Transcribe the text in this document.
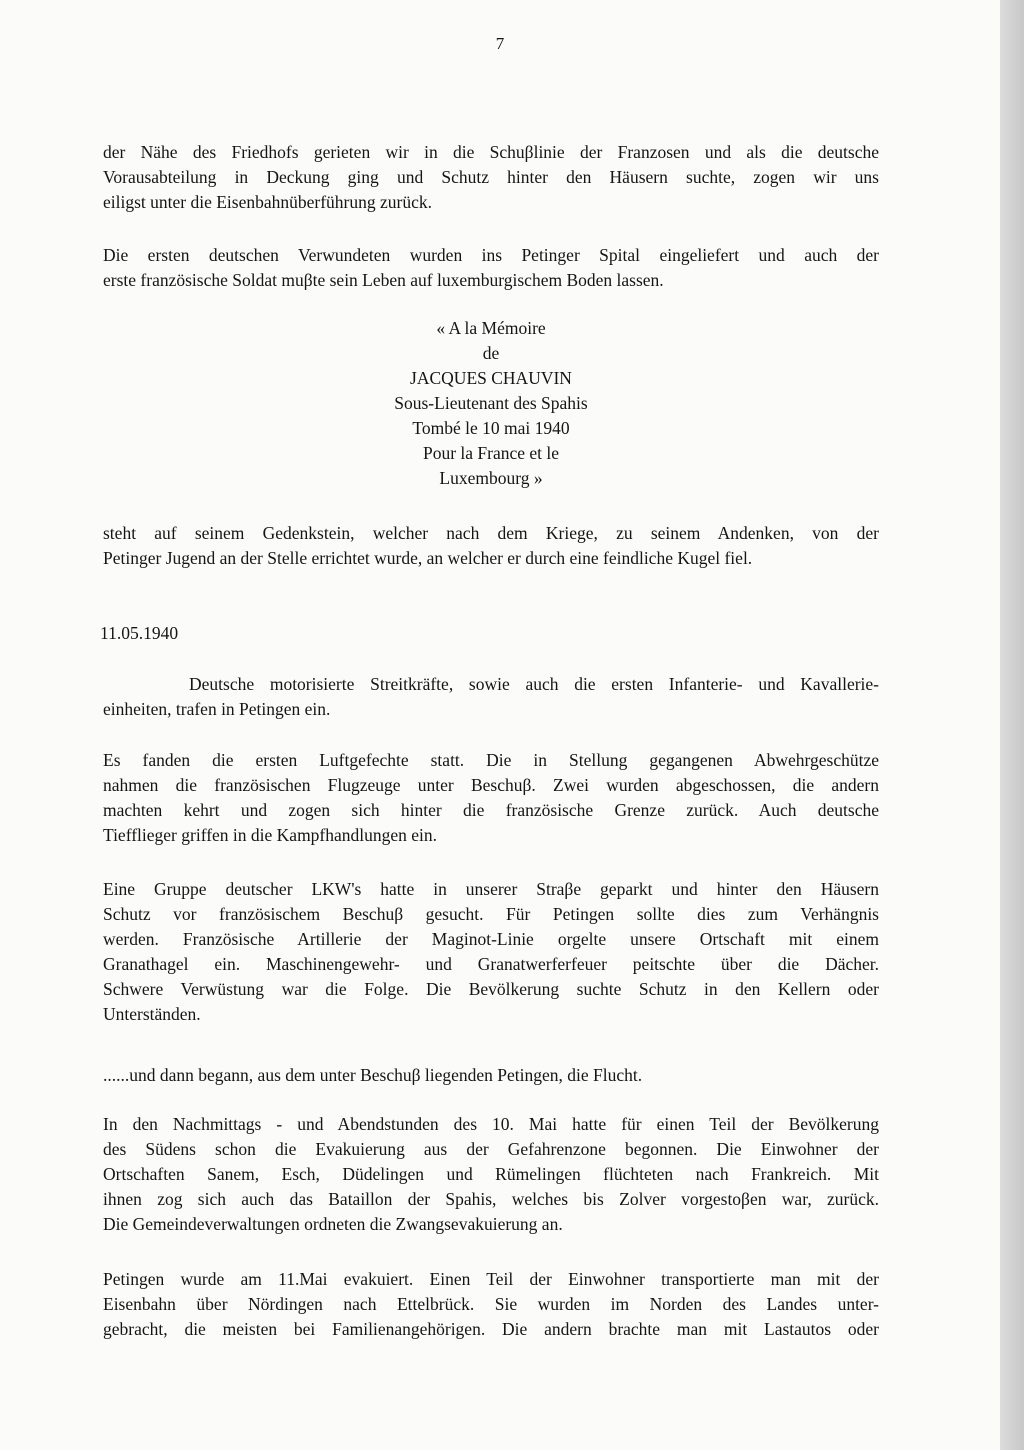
7
der Nähe des Friedhofs gerieten wir in die Schuβlinie der Franzosen und als die deutsche
Vorausabteilung in Deckung ging und Schutz hinter den Häusern suchte, zogen wir uns
eiligst unter die Eisenbahnüberführung zurück.
Die ersten deutschen Verwundeten wurden ins Petinger Spital eingeliefert und auch der
erste französische Soldat muβte sein Leben auf luxemburgischem Boden lassen.
« A la Mémoire
de
JACQUES CHAUVIN
Sous-Lieutenant des Spahis
Tombé le 10 mai 1940
Pour la France et le
Luxembourg »
steht auf seinem Gedenkstein, welcher nach dem Kriege, zu seinem Andenken, von der
Petinger Jugend an der Stelle errichtet wurde, an welcher er durch eine feindliche Kugel fiel.
11.05.1940
Deutsche motorisierte Streitkräfte, sowie auch die ersten Infanterie- und Kavallerie-
einheiten, trafen in Petingen ein.
Es fanden die ersten Luftgefechte statt. Die in Stellung gegangenen Abwehrgeschütze
nahmen die französischen Flugzeuge unter Beschuβ. Zwei wurden abgeschossen, die andern
machten kehrt und zogen sich hinter die französische Grenze zurück. Auch deutsche
Tiefflieger griffen in die Kampfhandlungen ein.
Eine Gruppe deutscher LKW's hatte in unserer Straβe geparkt und hinter den Häusern
Schutz vor französischem Beschuβ gesucht. Für Petingen sollte dies zum Verhängnis
werden. Französische Artillerie der Maginot-Linie orgelte unsere Ortschaft mit einem
Granathagel ein. Maschinengewehr- und Granatwerferfeuer peitschte über die Dächer.
Schwere Verwüstung war die Folge. Die Bevölkerung suchte Schutz in den Kellern oder
Unterständen.
......und dann begann, aus dem unter Beschuβ liegenden Petingen, die Flucht.
In den Nachmittags - und Abendstunden des 10. Mai hatte für einen Teil der Bevölkerung
des Südens schon die Evakuierung aus der Gefahrenzone begonnen. Die Einwohner der
Ortschaften Sanem, Esch, Düdelingen und Rümelingen flüchteten nach Frankreich. Mit
ihnen zog sich auch das Bataillon der Spahis, welches bis Zolver vorgestoβen war, zurück.
Die Gemeindeverwaltungen ordneten die Zwangsevakuierung an.
Petingen wurde am 11.Mai evakuiert. Einen Teil der Einwohner transportierte man mit der
Eisenbahn über Nördingen nach Ettelbrück. Sie wurden im Norden des Landes unter-
gebracht, die meisten bei Familienangehörigen. Die andern brachte man mit Lastautos oder
